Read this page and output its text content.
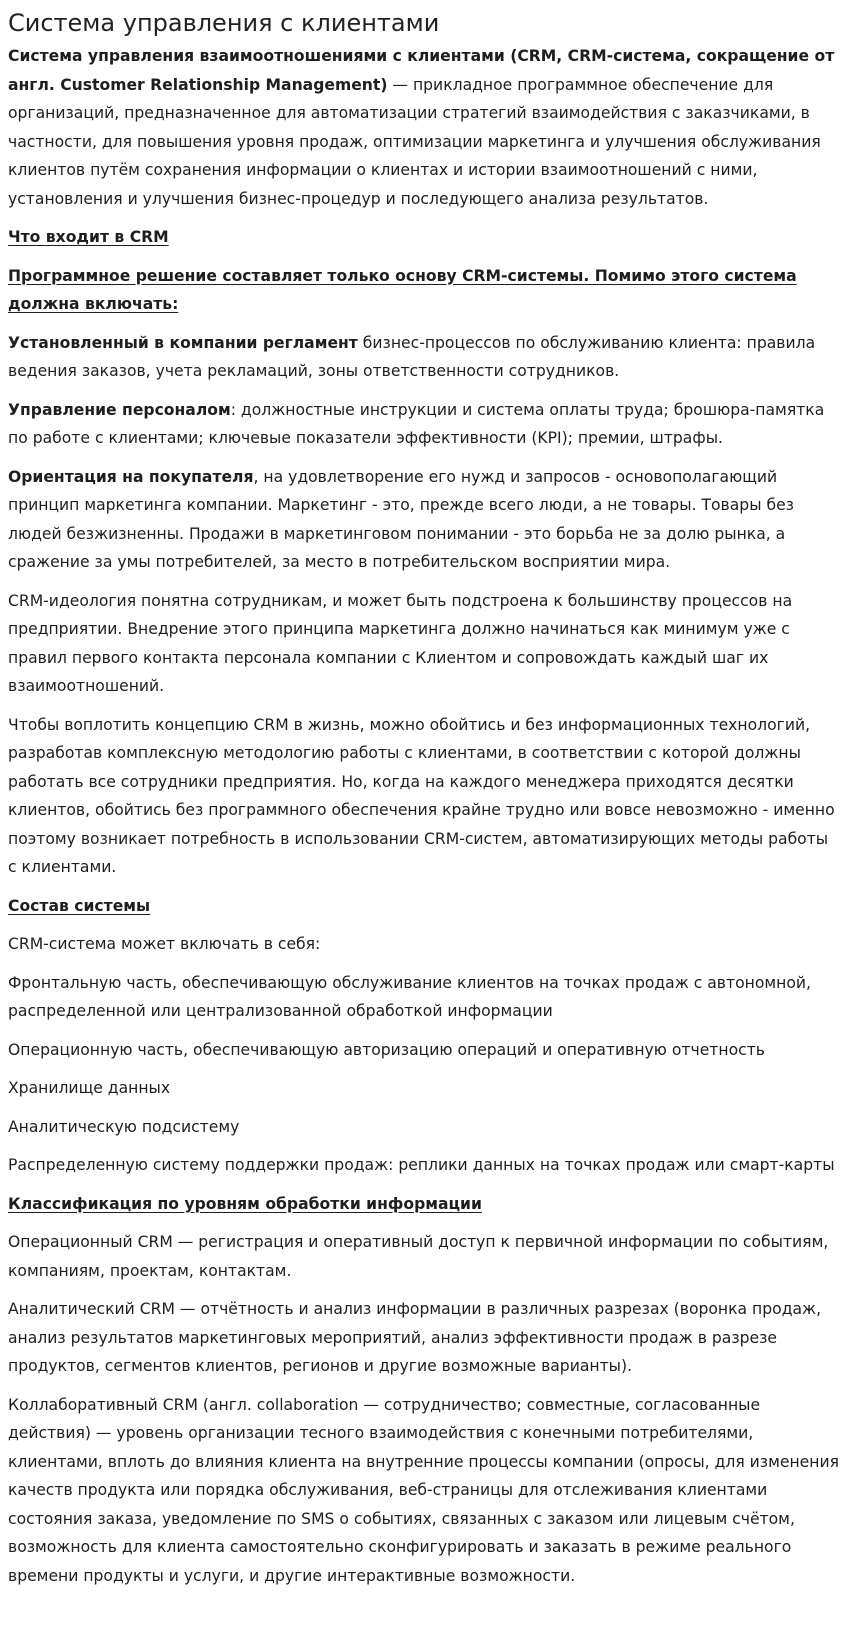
Система управления с клиентами

Система управления взаимоотношениями с клиентами (CRM, CRM-система, сокращение от англ. Customer Relationship Management) — прикладное программное обеспечение для организаций, предназначенное для автоматизации стратегий взаимодействия с заказчиками, в частности, для повышения уровня продаж, оптимизации маркетинга и улучшения обслуживания клиентов путём сохранения информации о клиентах и истории взаимоотношений с ними, установления и улучшения бизнес-процедур и последующего анализа результатов.

Что входит в CRM

Программное решение составляет только основу CRM-системы. Помимо этого система должна включать:

Установленный в компании регламент бизнес-процессов по обслуживанию клиента: правила ведения заказов, учета рекламаций, зоны ответственности сотрудников.

Управление персоналом: должностные инструкции и система оплаты труда; брошюра-памятка по работе с клиентами; ключевые показатели эффективности (KPI); премии, штрафы.

Ориентация на покупателя, на удовлетворение его нужд и запросов - основополагающий принцип маркетинга компании. Маркетинг - это, прежде всего люди, а не товары. Товары без людей безжизненны. Продажи в маркетинговом понимании - это борьба не за долю рынка, а сражение за умы потребителей, за место в потребительском восприятии мира.

CRM-идеология понятна сотрудникам, и может быть подстроена к большинству процессов на предприятии. Внедрение этого принципа маркетинга должно начинаться как минимум уже с правил первого контакта персонала компании с Клиентом и сопровождать каждый шаг их взаимоотношений.

Чтобы воплотить концепцию CRM в жизнь, можно обойтись и без информационных технологий, разработав комплексную методологию работы с клиентами, в соответствии с которой должны работать все сотрудники предприятия. Но, когда на каждого менеджера приходятся десятки клиентов, обойтись без программного обеспечения крайне трудно или вовсе невозможно - именно поэтому возникает потребность в использовании CRM-систем, автоматизирующих методы работы с клиентами.

Состав системы

CRM-система может включать в себя:

Фронтальную часть, обеспечивающую обслуживание клиентов на точках продаж с автономной, распределенной или централизованной обработкой информации

Операционную часть, обеспечивающую авторизацию операций и оперативную отчетность

Хранилище данных

Аналитическую подсистему

Распределенную систему поддержки продаж: реплики данных на точках продаж или смарт-карты

Классификация по уровням обработки информации

Операционный CRM — регистрация и оперативный доступ к первичной информации по событиям, компаниям, проектам, контактам.

Аналитический CRM — отчётность и анализ информации в различных разрезах (воронка продаж, анализ результатов маркетинговых мероприятий, анализ эффективности продаж в разрезе продуктов, сегментов клиентов, регионов и другие возможные варианты).

Коллаборативный CRM (англ. collaboration — сотрудничество; совместные, согласованные действия) — уровень организации тесного взаимодействия с конечными потребителями, клиентами, вплоть до влияния клиента на внутренние процессы компании (опросы, для изменения качеств продукта или порядка обслуживания, веб-страницы для отслеживания клиентами состояния заказа, уведомление по SMS о событиях, связанных с заказом или лицевым счётом, возможность для клиента самостоятельно сконфигурировать и заказать в режиме реального времени продукты и услуги, и другие интерактивные возможности.
